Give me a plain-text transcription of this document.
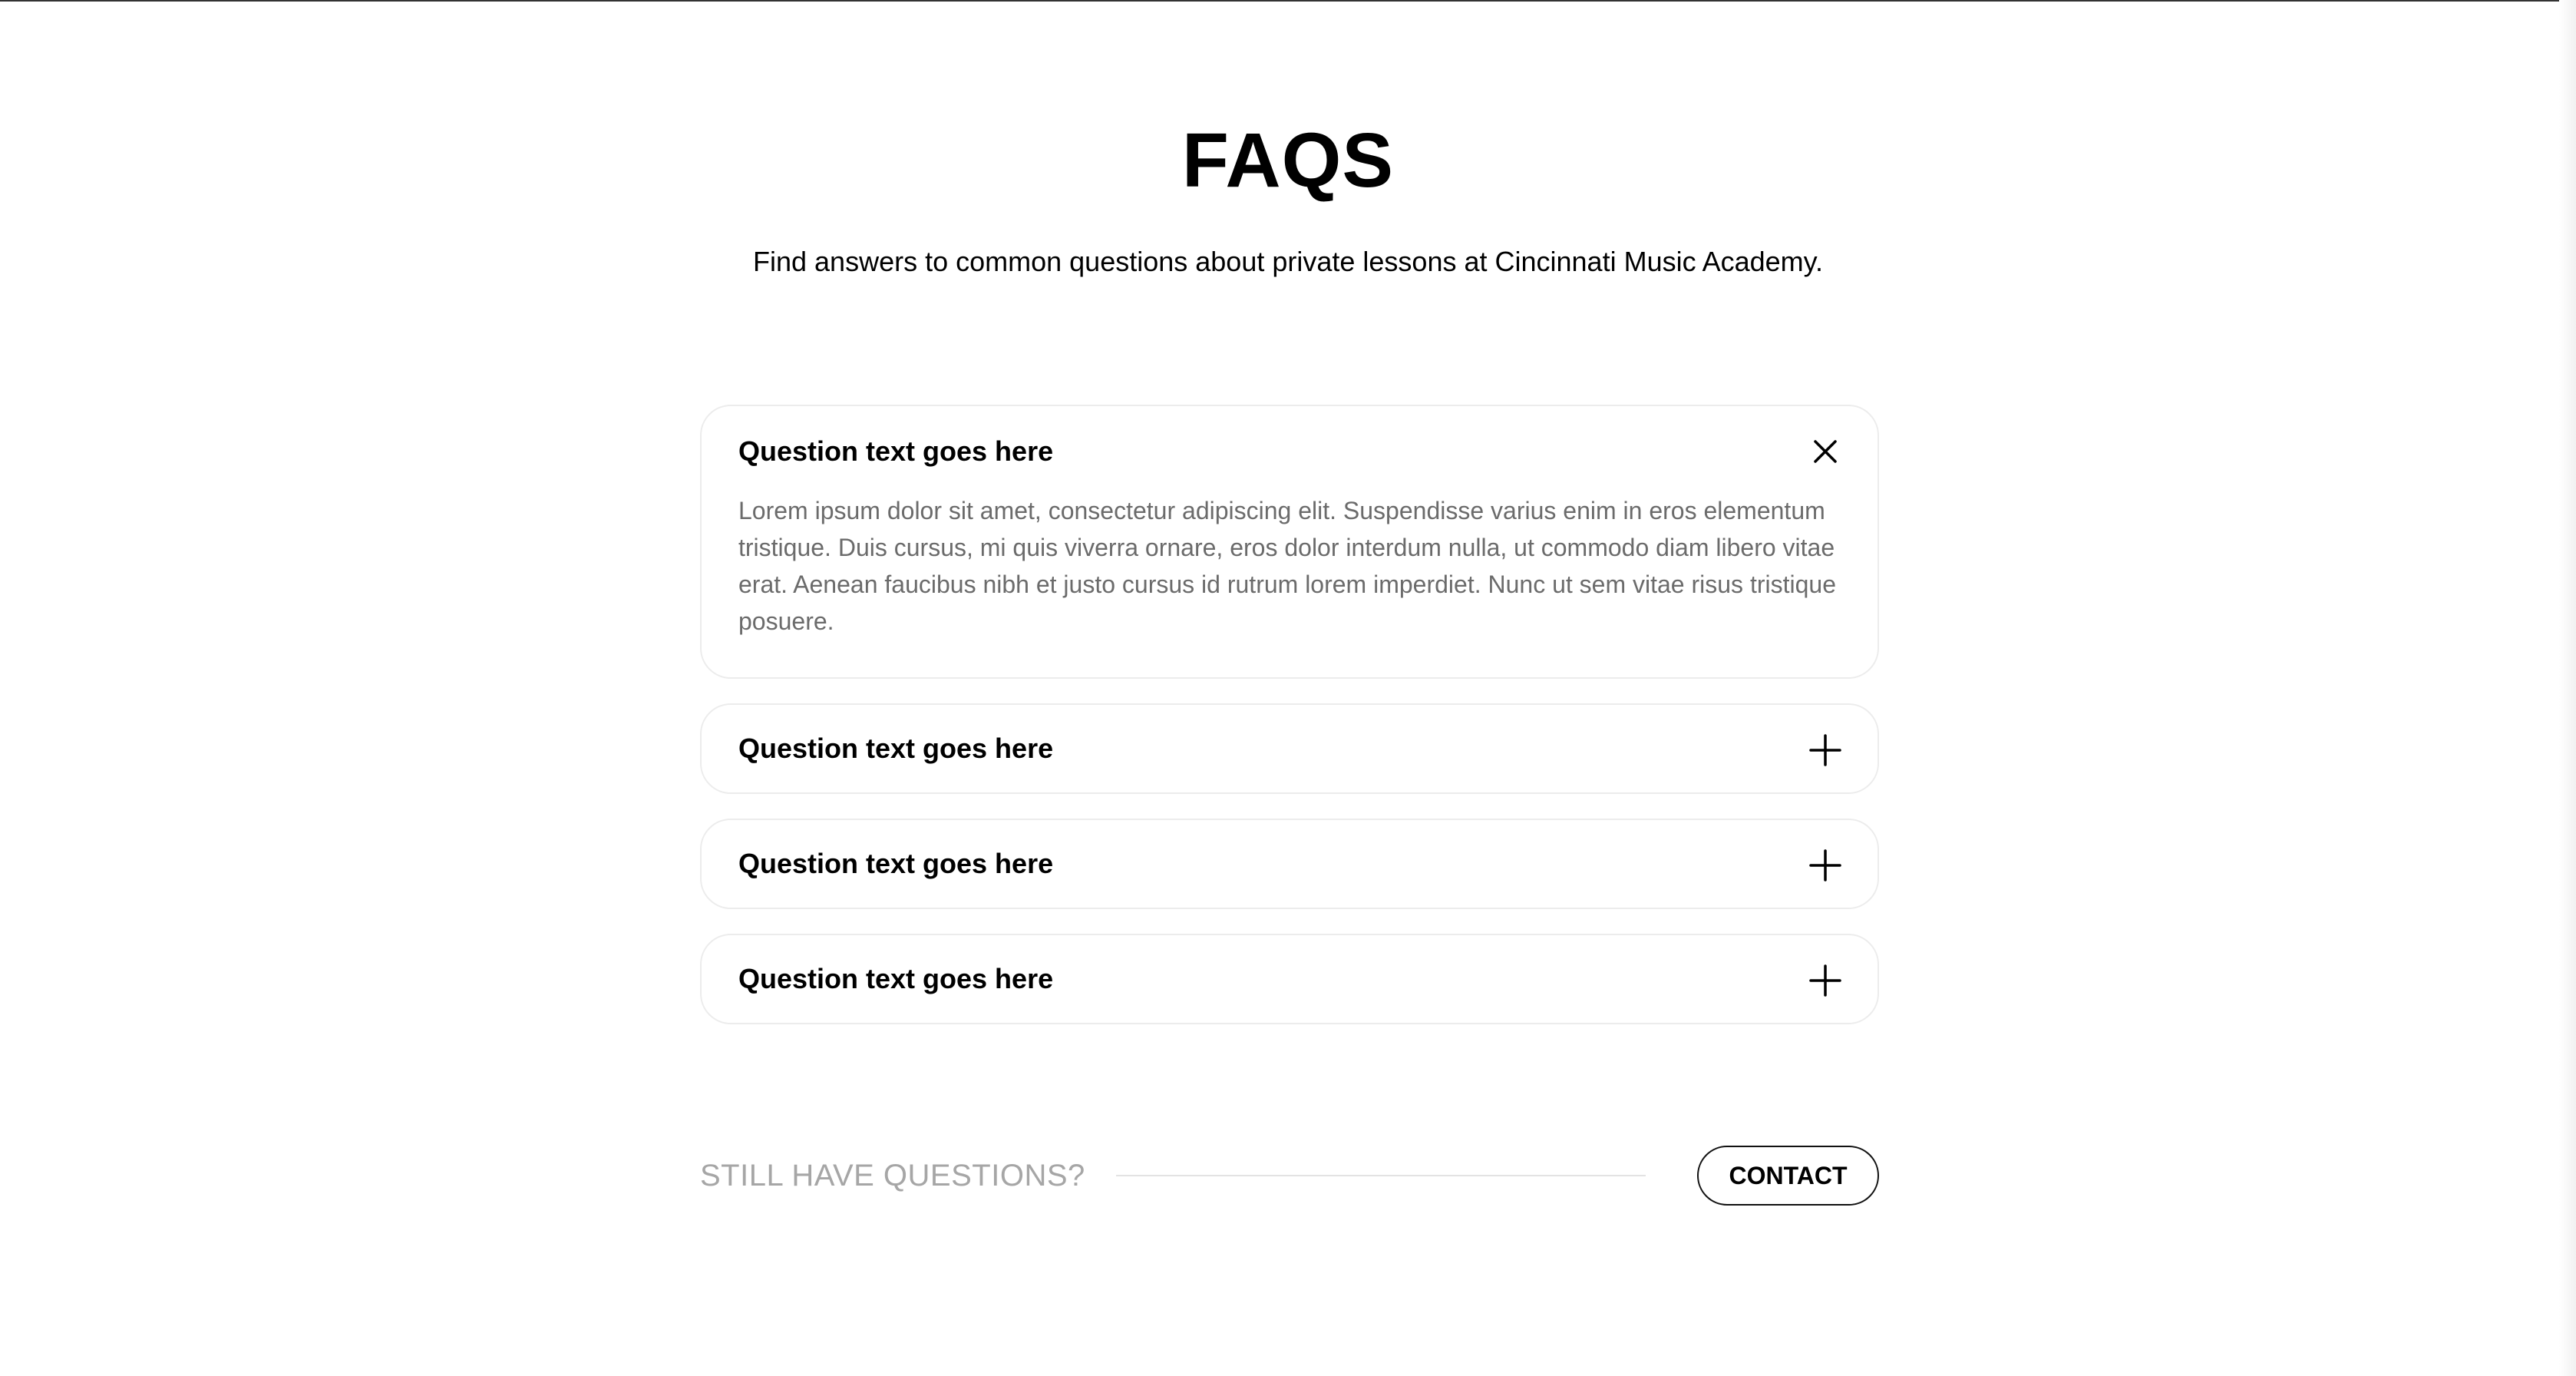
FAQS

Find answers to common questions about private lessons at Cincinnati Music Academy.

Question text goes here

Lorem ipsum dolor sit amet, consectetur adipiscing elit. Suspendisse varius enim in eros elementum tristique. Duis cursus, mi quis viverra ornare, eros dolor interdum nulla, ut commodo diam libero vitae erat. Aenean faucibus nibh et justo cursus id rutrum lorem imperdiet. Nunc ut sem vitae risus tristique posuere.

Question text goes here
Question text goes here
Question text goes here

STILL HAVE QUESTIONS?	CONTACT
